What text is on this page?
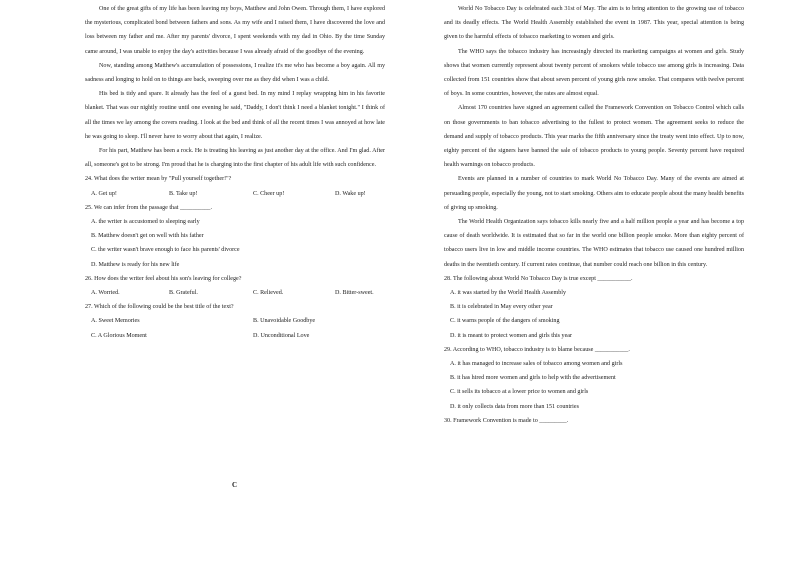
One of the great gifts of my life has been leaving my boys, Matthew and John Owen. Through them, I have explored the mysterious, complicated bond between fathers and sons. As my wife and I raised them, I have discovered the love and loss between my father and me. After my parents' divorce, I spent weekends with my dad in Ohio. By the time Sunday came around, I was unable to enjoy the day's activities because I was already afraid of the goodbye of the evening.
Now, standing among Matthew's accumulation of possessions, I realize it's me who has become a boy again. All my sadness and longing to hold on to things are back, sweeping over me as they did when I was a child.
His bed is tidy and spare. It already has the feel of a guest bed. In my mind I replay wrapping him in his favorite blanket. That was our nightly routine until one evening he said, "Daddy, I don't think I need a blanket tonight." I think of all the times we lay among the covers reading. I look at the bed and think of all the recent times I was annoyed at how late he was going to sleep. I'll never have to worry about that again, I realize.
For his part, Matthew has been a rock. He is treating his leaving as just another day at the office. And I'm glad. After all, someone's got to be strong. I'm proud that he is charging into the first chapter of his adult life with such confidence.
24. What does the writer mean by "Pull yourself together!"?
A. Get up!	B. Take up!	C. Cheer up!	D. Wake up!
25. We can infer from the passage that __________.
A. the writer is accustomed to sleeping early
B. Matthew doesn't get on well with his father
C. the writer wasn't brave enough to face his parents' divorce
D. Matthew is ready for his new life
26. How does the writer feel about his son's leaving for college?
A. Worried.	B. Grateful.	C. Relieved.	D. Bitter-sweet.
27. Which of the following could be the best title of the text?
A. Sweet Memories	B. Unavoidable Goodbye
C. A Glorious Moment	D. Unconditional Love
C
World No Tobacco Day is celebrated each 31st of May. The aim is to bring attention to the growing use of tobacco and its deadly effects. The World Health Assembly established the event in 1987. This year, special attention is being given to the harmful effects of tobacco marketing to women and girls.
The WHO says the tobacco industry has increasingly directed its marketing campaigns at women and girls. Study shows that women currently represent about twenty percent of smokers while tobacco use among girls is increasing. Data collected from 151 countries show that about seven percent of young girls now smoke. That compares with twelve percent of boys. In some countries, however, the rates are almost equal.
Almost 170 countries have signed an agreement called the Framework Convention on Tobacco Control which calls on those governments to ban tobacco advertising to the fullest to protect women. The agreement seeks to reduce the demand and supply of tobacco products. This year marks the fifth anniversary since the treaty went into effect. Up to now, eighty percent of the signers have banned the sale of tobacco products to young people. Seventy percent have required health warnings on tobacco products.
Events are planned in a number of countries to mark World No Tobacco Day. Many of the events are aimed at persuading people, especially the young, not to start smoking. Others aim to educate people about the many health benefits of giving up smoking.
The World Health Organization says tobacco kills nearly five and a half million people a year and has become a top cause of death worldwide. It is estimated that so far in the world one billion people smoke. More than eighty percent of tobacco users live in low and middle income countries. The WHO estimates that tobacco use caused one hundred million deaths in the twentieth century. If current rates continue, that number could reach one billion in this century.
28. The following about World No Tobacco Day is true except ___________.
A. it was started by the World Health Assembly
B. it is celebrated in May every other year
C. it warns people of the dangers of smoking
D. it is meant to protect women and girls this year
29. According to WHO, tobacco industry is to blame because ___________.
A. it has managed to increase sales of tobacco among women and girls
B. it has hired more women and girls to help with the advertisement
C. it sells its tobacco at a lower price to women and girls
D. it only collects data from more than 151 countries
30. Framework Convention is made to _________.
